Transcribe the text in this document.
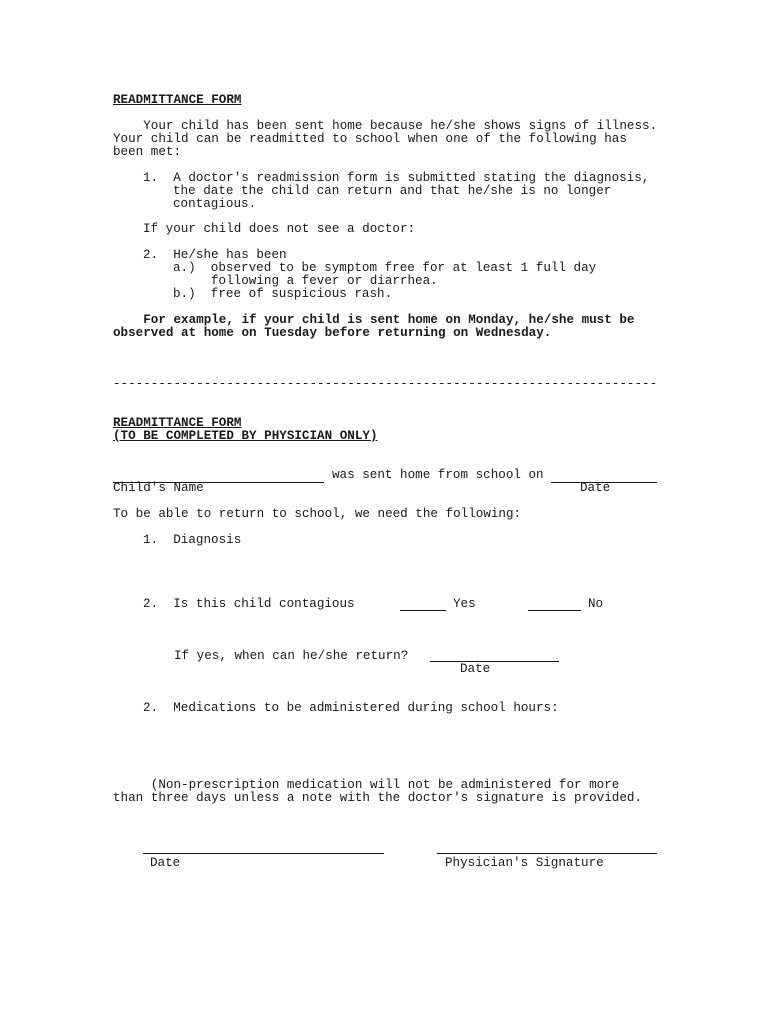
READMITTANCE FORM
Your child has been sent home because he/she shows signs of illness.
Your child can be readmitted to school when one of the following has
been met:
1.  A doctor's readmission form is submitted stating the diagnosis,
the date the child can return and that he/she is no longer
contagious.
If your child does not see a doctor:
2.  He/she has been
a.)  observed to be symptom free for at least 1 full day
following a fever or diarrhea.
b.)  free of suspicious rash.
For example, if your child is sent home on Monday, he/she must be
observed at home on Tuesday before returning on Wednesday.
------------------------------------------------------------------------
READMITTANCE FORM
(TO BE COMPLETED BY PHYSICIAN ONLY)
was sent home from school on
Child's Name	Date
To be able to return to school, we need the following:
1.  Diagnosis
2.  Is this child contagious	Yes	No
If yes, when can he/she return?
Date
2.  Medications to be administered during school hours:
(Non-prescription medication will not be administered for more
than three days unless a note with the doctor's signature is provided.
Date	Physician's Signature
